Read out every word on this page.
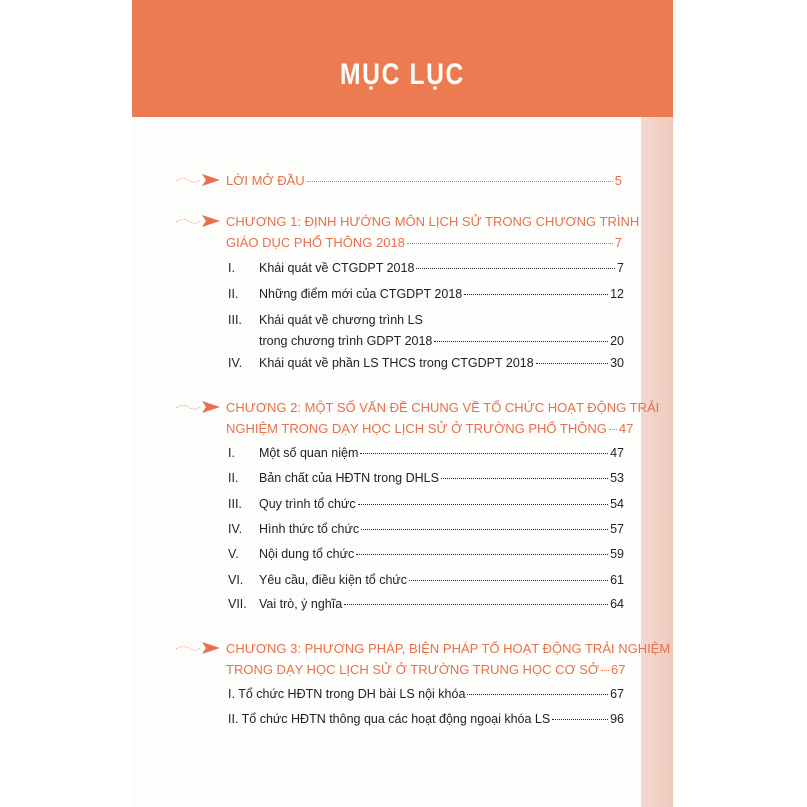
MỤC LỤC
LỜI MỞ ĐẦU	5
CHƯƠNG 1: ĐỊNH HƯỚNG MÔN LỊCH SỬ TRONG CHƯƠNG TRÌNH
GIÁO DỤC PHỔ THÔNG 2018	7
I.	Khái quát về CTGDPT 2018	7
II.	Những điểm mới của CTGDPT 2018	12
III.	Khái quát về chương trình LS
trong chương trình GDPT 2018	20
IV.	Khái quát về phần LS THCS trong CTGDPT 2018	30
CHƯƠNG 2: MỘT SỐ VẤN ĐỀ CHUNG VỀ TỔ CHỨC HOẠT ĐỘNG TRẢI
NGHIỆM TRONG DẠY HỌC LỊCH SỬ Ở TRƯỜNG PHỔ THÔNG 47
I.	Một số quan niệm	47
II.	Bản chất của HĐTN trong DHLS	53
III.	Quy trình tổ chức	54
IV.	Hình thức tổ chức	57
V.	Nội dung tổ chức	59
VI.	Yêu cầu, điều kiện tổ chức	61
VII. Vai trò, ý nghĩa	64
CHƯƠNG 3: PHƯƠNG PHÁP, BIỆN PHÁP TỔ HOẠT ĐỘNG TRẢI NGHIỆM
TRONG DẠY HỌC LỊCH SỬ Ở TRƯỜNG TRUNG HỌC CƠ SỞ 67
I. Tổ chức HĐTN trong DH bài LS nội khóa	67
II. Tổ chức HĐTN thông qua các hoạt động ngoại khóa LS	96
